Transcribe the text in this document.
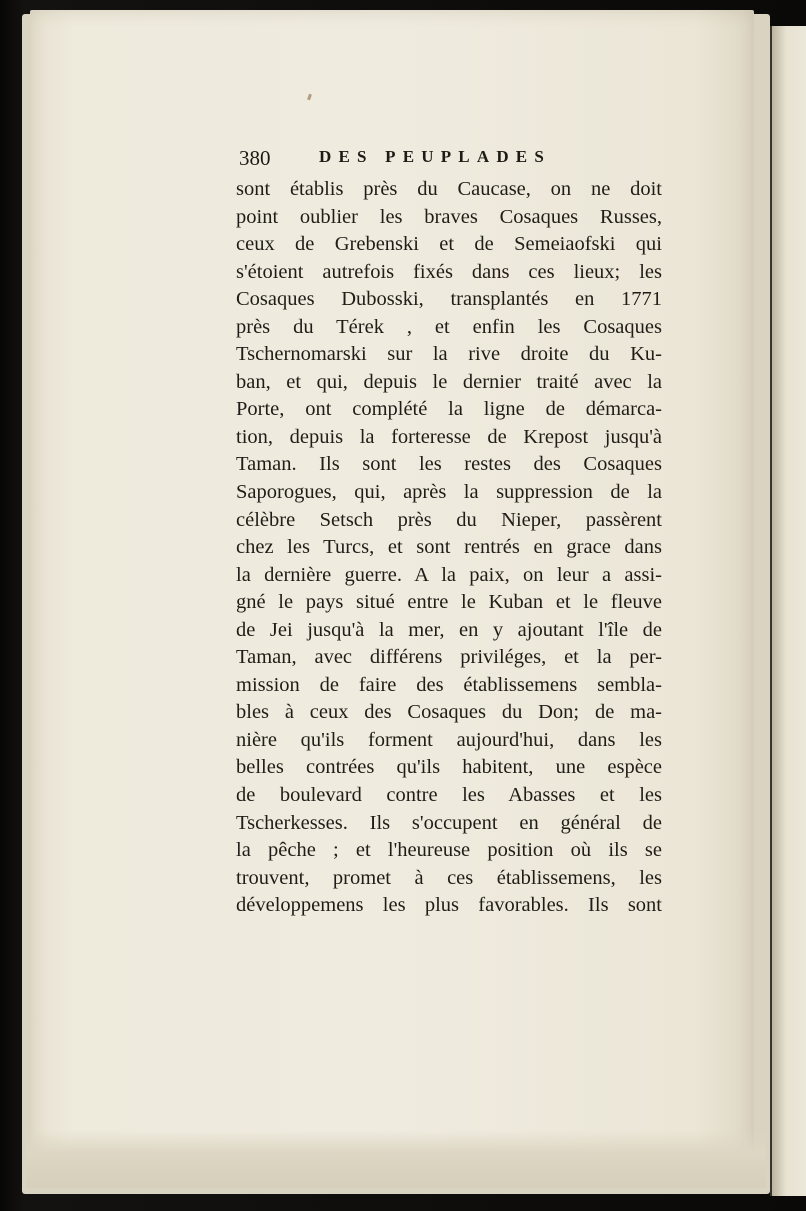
380	DES PEUPLADES
sont établis près du Caucase, on ne doit
point oublier les braves Cosaques Russes,
ceux de Grebenski et de Semeiaofski qui
s'étoient autrefois fixés dans ces lieux; les
Cosaques Dubosski, transplantés en 1771
près du Térek , et enfin les Cosaques
Tschernomarski sur la rive droite du Ku-
ban, et qui, depuis le dernier traité avec la
Porte, ont complété la ligne de démarca-
tion, depuis la forteresse de Krepost jusqu'à
Taman. Ils sont les restes des Cosaques
Saporogues, qui, après la suppression de la
célèbre Setsch près du Nieper, passèrent
chez les Turcs, et sont rentrés en grace dans
la dernière guerre. A la paix, on leur a assi-
gné le pays situé entre le Kuban et le fleuve
de Jei jusqu'à la mer, en y ajoutant l'île de
Taman, avec différens priviléges, et la per-
mission de faire des établissemens sembla-
bles à ceux des Cosaques du Don; de ma-
nière qu'ils forment aujourd'hui, dans les
belles contrées qu'ils habitent, une espèce
de boulevard contre les Abasses et les
Tscherkesses. Ils s'occupent en général de
la pêche ; et l'heureuse position où ils se
trouvent, promet à ces établissemens, les
développemens les plus favorables. Ils sont
